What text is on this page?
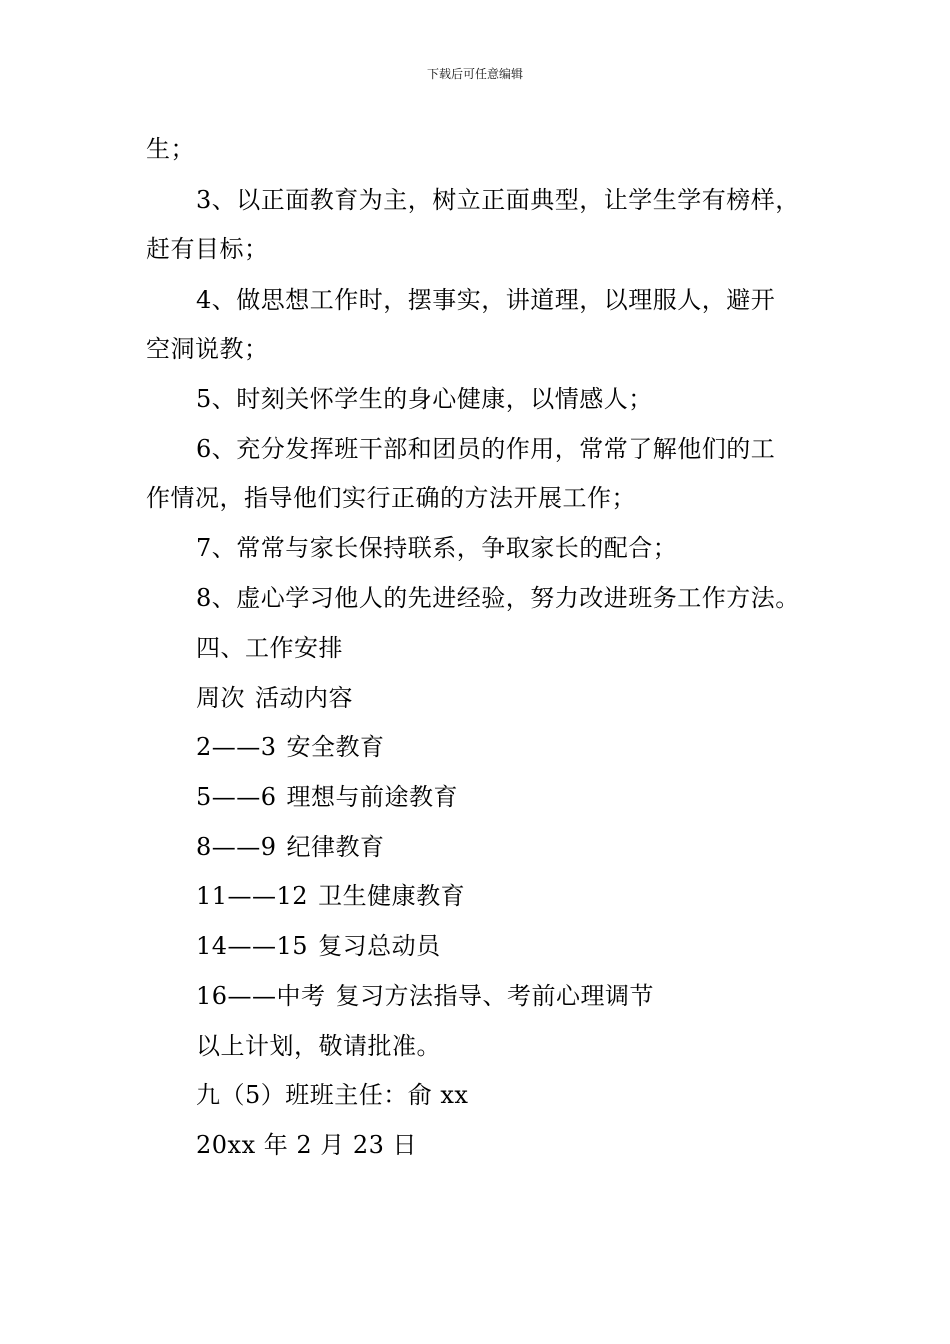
下载后可任意编辑
生；
3、以正面教育为主，树立正面典型，让学生学有榜样，
赶有目标；
4、做思想工作时，摆事实，讲道理，以理服人，避开
空洞说教；
5、时刻关怀学生的身心健康，以情感人；
6、充分发挥班干部和团员的作用，常常了解他们的工
作情况，指导他们实行正确的方法开展工作；
7、常常与家长保持联系，争取家长的配合；
8、虚心学习他人的先进经验，努力改进班务工作方法。
四、工作安排
周次 活动内容
2——3 安全教育
5——6 理想与前途教育
8——9 纪律教育
11——12 卫生健康教育
14——15 复习总动员
16——中考 复习方法指导、考前心理调节
以上计划，敬请批准。
九（5）班班主任：俞 xx
20xx 年 2 月 23 日
